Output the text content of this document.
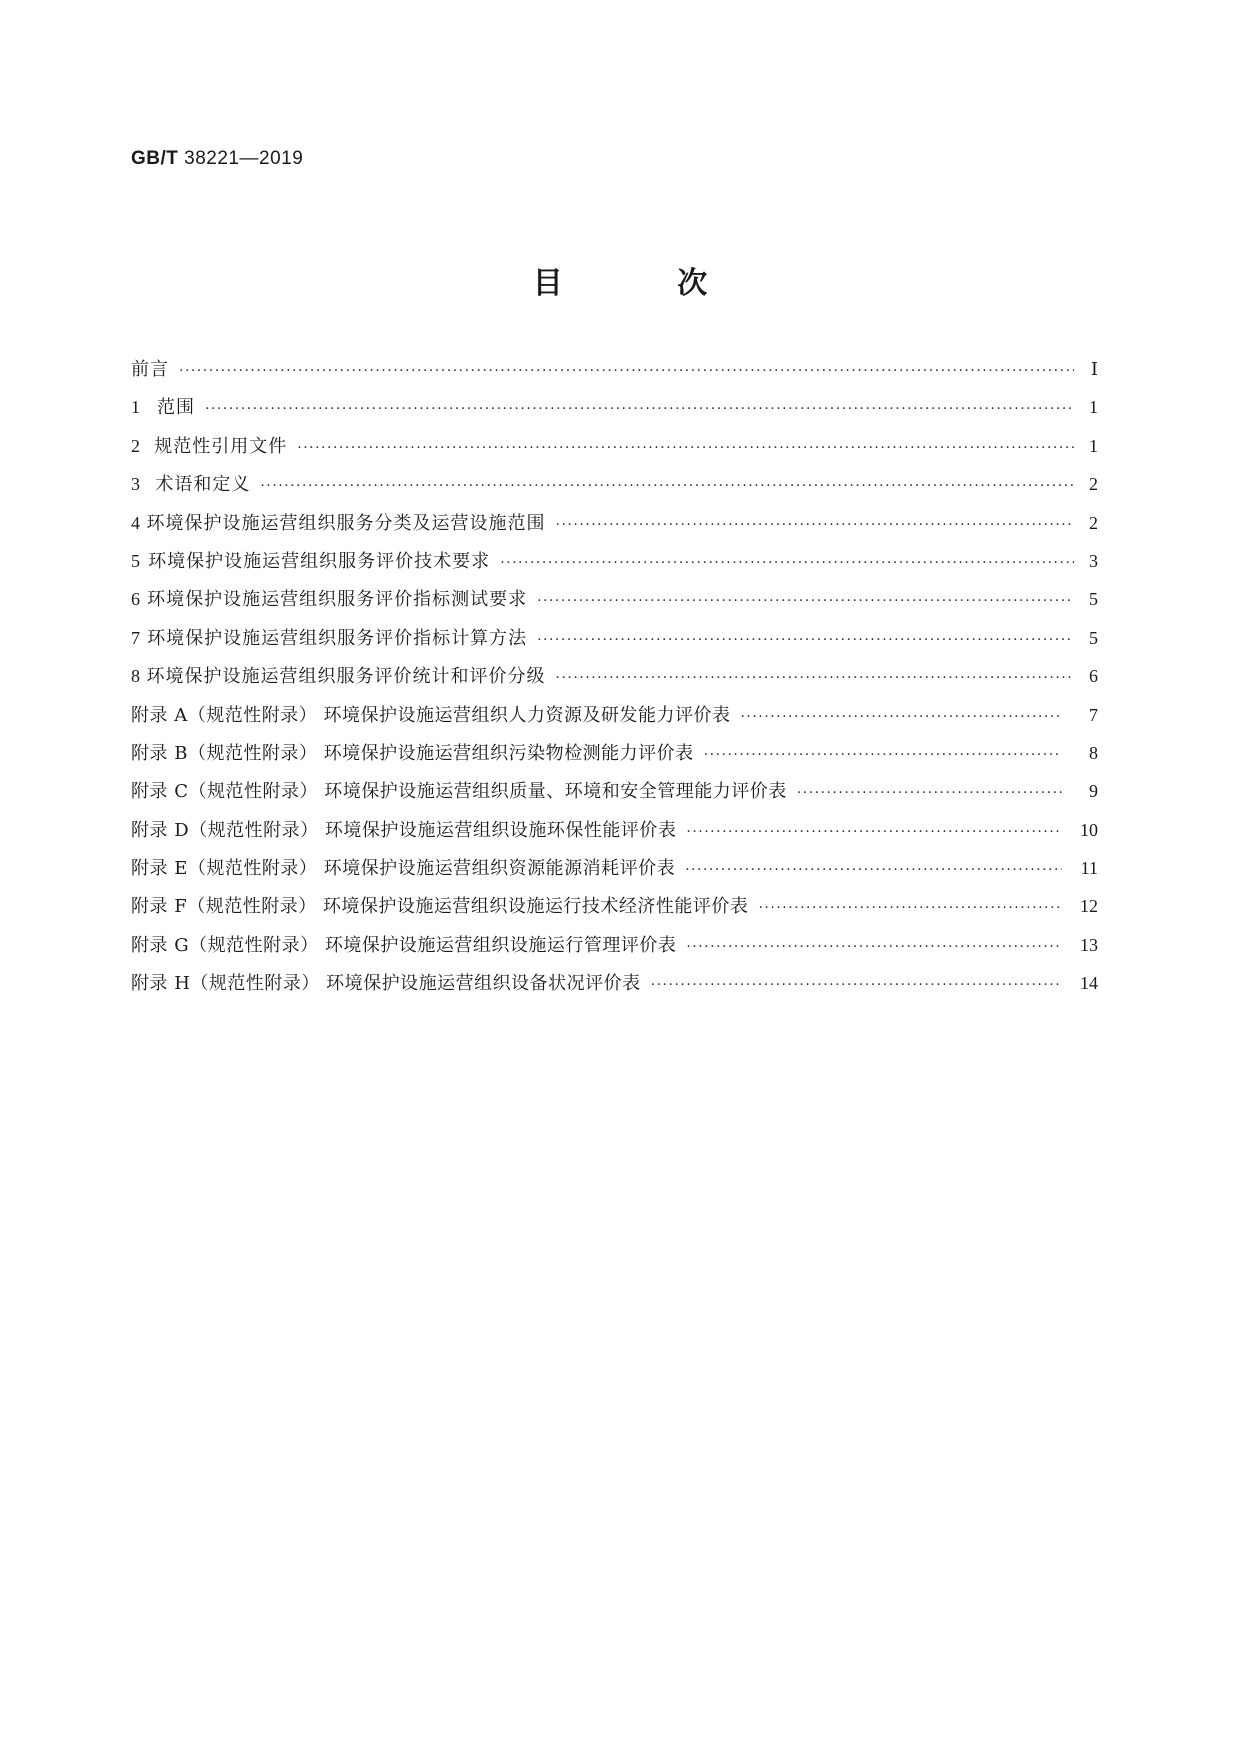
GB/T 38221—2019
目 次
前言 ·····	Ⅰ
1 范围 ·····	1
2 规范性引用文件 ·····	1
3 术语和定义 ·····	2
4 环境保护设施运营组织服务分类及运营设施范围 ·····	2
5 环境保护设施运营组织服务评价技术要求 ·····	3
6 环境保护设施运营组织服务评价指标测试要求 ·····	5
7 环境保护设施运营组织服务评价指标计算方法 ·····	5
8 环境保护设施运营组织服务评价统计和评价分级 ·····	6
附录 A（规范性附录） 环境保护设施运营组织人力资源及研发能力评价表 ·····	7
附录 B（规范性附录） 环境保护设施运营组织污染物检测能力评价表 ·····	8
附录 C（规范性附录） 环境保护设施运营组织质量、环境和安全管理能力评价表 ·····	9
附录 D（规范性附录） 环境保护设施运营组织设施环保性能评价表 ·····	10
附录 E（规范性附录） 环境保护设施运营组织资源能源消耗评价表 ·····	11
附录 F（规范性附录） 环境保护设施运营组织设施运行技术经济性能评价表 ·····	12
附录 G（规范性附录） 环境保护设施运营组织设施运行管理评价表 ·····	13
附录 H（规范性附录） 环境保护设施运营组织设备状况评价表 ·····	14
